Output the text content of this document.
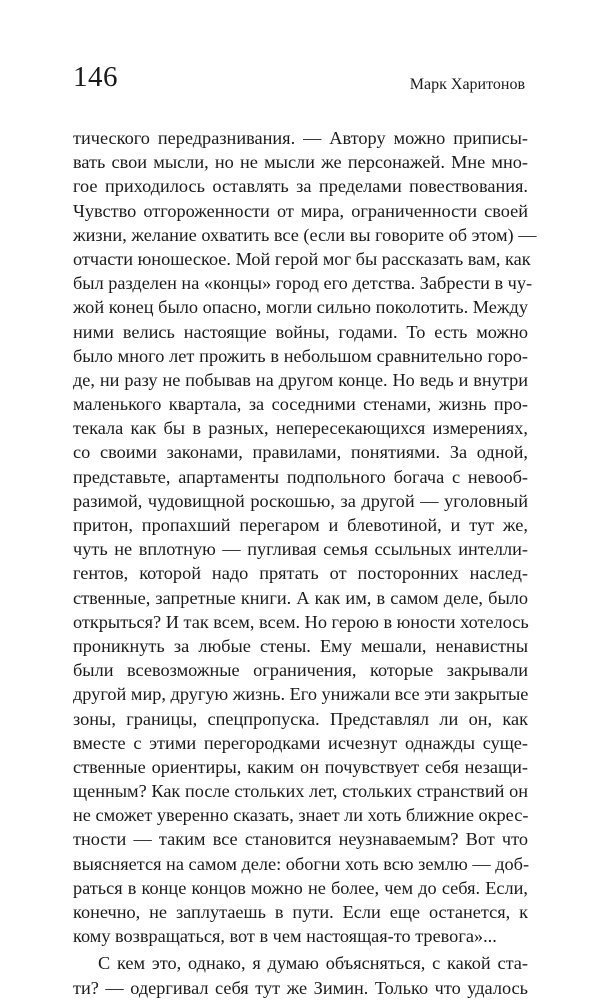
146	Марк Харитонов
тического передразнивания. — Автору можно приписы-
вать свои мысли, но не мысли же персонажей. Мне мно-
гое приходилось оставлять за пределами повествования.
Чувство отгороженности от мира, ограниченности своей
жизни, желание охватить все (если вы говорите об этом) —
отчасти юношеское. Мой герой мог бы рассказать вам, как
был разделен на «концы» город его детства. Забрести в чу-
жой конец было опасно, могли сильно поколотить. Между
ними велись настоящие войны, годами. То есть можно
было много лет прожить в небольшом сравнительно горо-
де, ни разу не побывав на другом конце. Но ведь и внутри
маленького квартала, за соседними стенами, жизнь про-
текала как бы в разных, непересекающихся измерениях,
со своими законами, правилами, понятиями. За одной,
представьте, апартаменты подпольного богача с невооб-
разимой, чудовищной роскошью, за другой — уголовный
притон, пропахший перегаром и блевотиной, и тут же,
чуть не вплотную — пугливая семья ссыльных интелли-
гентов, которой надо прятать от посторонних наслед-
ственные, запретные книги. А как им, в самом деле, было
открыться? И так всем, всем. Но герою в юности хотелось
проникнуть за любые стены. Ему мешали, ненавистны
были всевозможные ограничения, которые закрывали
другой мир, другую жизнь. Его унижали все эти закрытые
зоны, границы, спецпропуска. Представлял ли он, как
вместе с этими перегородками исчезнут однажды суще-
ственные ориентиры, каким он почувствует себя незащи-
щенным? Как после стольких лет, стольких странствий он
не сможет уверенно сказать, знает ли хоть ближние окрес-
тности — таким все становится неузнаваемым? Вот что
выясняется на самом деле: обогни хоть всю землю — доб-
раться в конце концов можно не более, чем до себя. Если,
конечно, не заплутаешь в пути. Если еще останется, к
кому возвращаться, вот в чем настоящая-то тревога»...
С кем это, однако, я думаю объясняться, с какой ста-
ти? — одергивал себя тут же Зимин. Только что удалось
